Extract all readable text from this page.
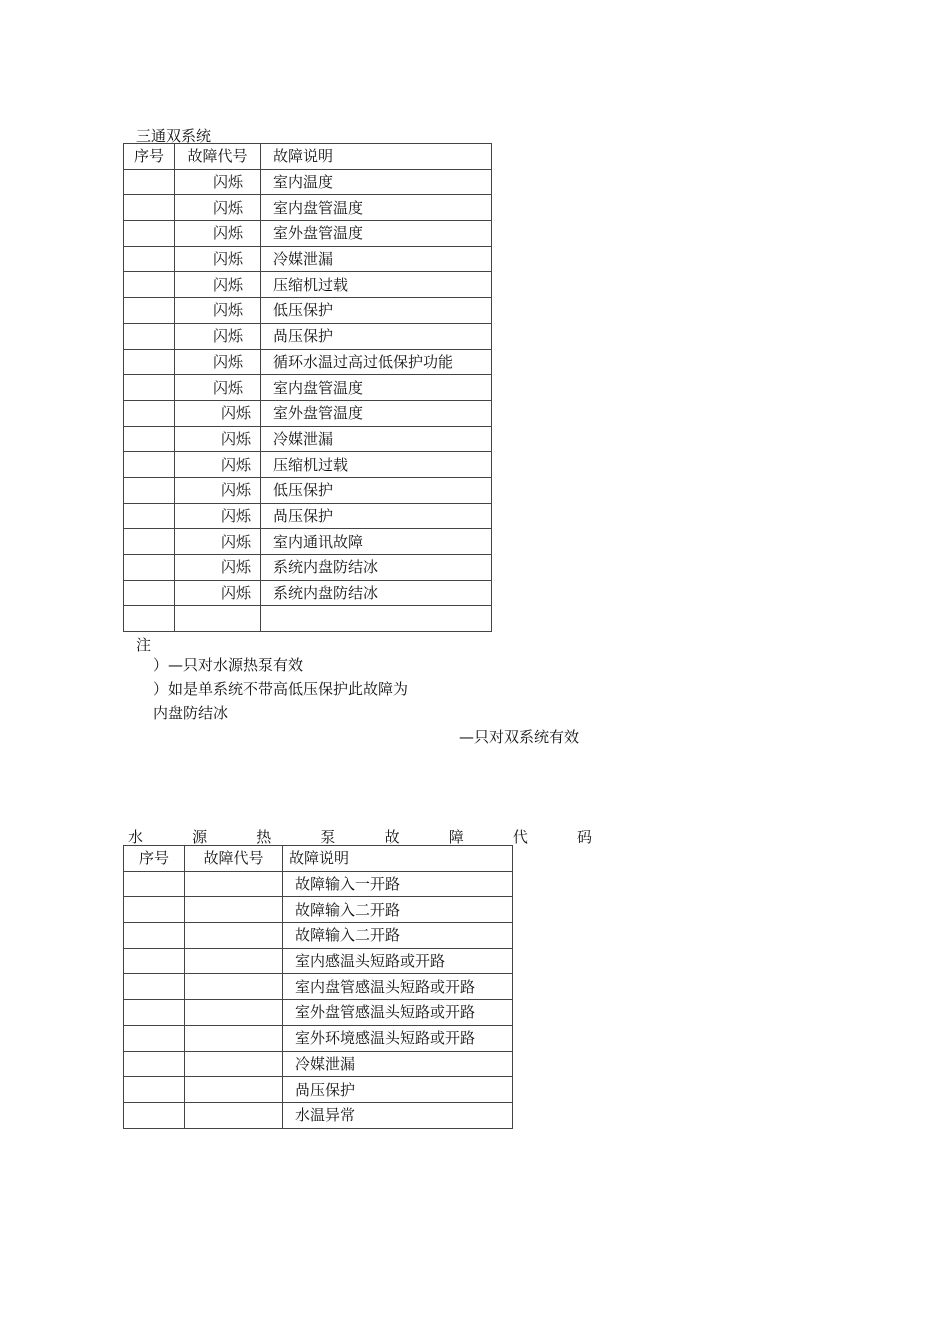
三通双系统
序号	故障代号	故障说明
	闪烁	室内温度
	闪烁	室内盘管温度
	闪烁	室外盘管温度
	闪烁	冷媒泄漏
	闪烁	压缩机过载
	闪烁	低压保护
	闪烁	咼压保护
	闪烁	循环水温过高过低保护功能
	闪烁	室内盘管温度
	闪烁	室外盘管温度
	闪烁	冷媒泄漏
	闪烁	压缩机过载
	闪烁	低压保护
	闪烁	咼压保护
	闪烁	室内通讯故障
	闪烁	系统内盘防结冰
	闪烁	系统内盘防结冰

注
）—只对水源热泵有效
）如是单系统不带高低压保护此故障为
内盘防结冰
—只对双系统有效
水	源	热	泵	故	障	代	码
序号	故障代号	故障说明
		故障输入一开路
		故障输入二开路
		故障输入二开路
		室内感温头短路或开路
		室内盘管感温头短路或开路
		室外盘管感温头短路或开路
		室外环境感温头短路或开路
		冷媒泄漏
		咼压保护
		水温异常
